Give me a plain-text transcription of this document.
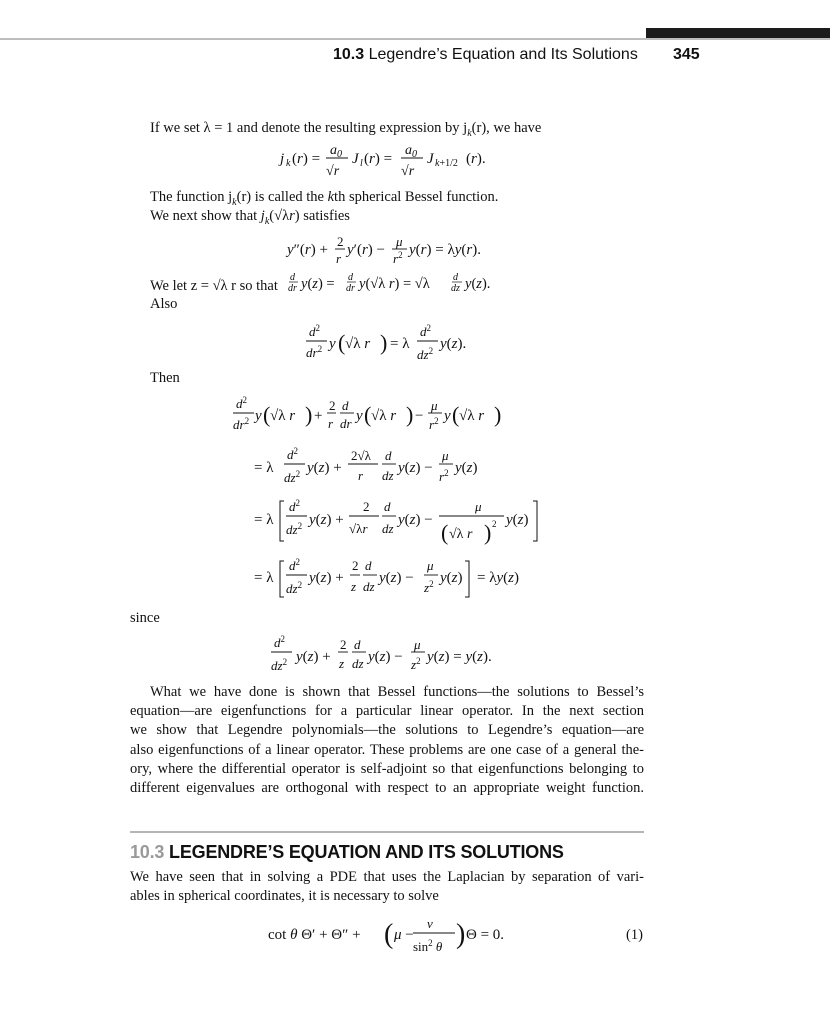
10.3 Legendre’s Equation and Its Solutions 345
If we set λ = 1 and denote the resulting expression by $j_k(r)$, we have
j k (r) =
$a_0$
√r
J l (r) =
$a_0$
√r
J k+1/2 (r).
The function $j_k(r)$ is called the kth spherical Bessel function.
We next show that $j_k(√\lambda r)$ satisfies
y″(r) +
2
r
y′(r) −
μ
$r^2$ y(r) = λy(r).
We let z = √λ r so that
d
dr y(z) = d
dr y(√λ r) = √λ d
dz y(z).
Also
$d^2$
$dr^2$ y ( √λ r ) = λ
$d^2$
$dz^2$ y(z).
Then
$d^2$
$dr^2$ y ( √λ r ) +
2
r
d
dr y ( √λ r ) −
μ
$r^2$ y ( √λ r )
= λ
$d^2$
$dz^2$ y(z) +
2√λ
r
d
dz y(z) −
μ
$r^2$ y(z)
= λ
$d^2$
$dz^2$ y(z) +
2
√λr
d
dz
y(z) −
μ
( √λ r ) 2 y(z)
= λ
$d^2$
$dz^2$ y(z) +
2
z
d
dz
y(z) −
μ
$z^2$ y(z) = λy(z)
since
$d^2$
$dz^2$ y(z) +
2
z
d
dz y(z) −
μ
$z^2$ y(z) = y(z).
What we have done is shown that Bessel functions—the solutions to Bessel’s
equation—are eigenfunctions for a particular linear operator. In the next section
we show that Legendre polynomials—the solutions to Legendre’s equation—are
also eigenfunctions of a linear operator. These problems are one case of a general the-
ory, where the differential operator is self-adjoint so that eigenfunctions belonging to
different eigenvalues are orthogonal with respect to an appropriate weight function.
10.3 LEGENDRE’S EQUATION AND ITS SOLUTIONS
We have seen that in solving a PDE that uses the Laplacian by separation of vari-
ables in spherical coordinates, it is necessary to solve
cot θ Θ′ + Θ″ + ( μ −
ν
$\sin^2 \theta$ ) Θ = 0.	(1)
